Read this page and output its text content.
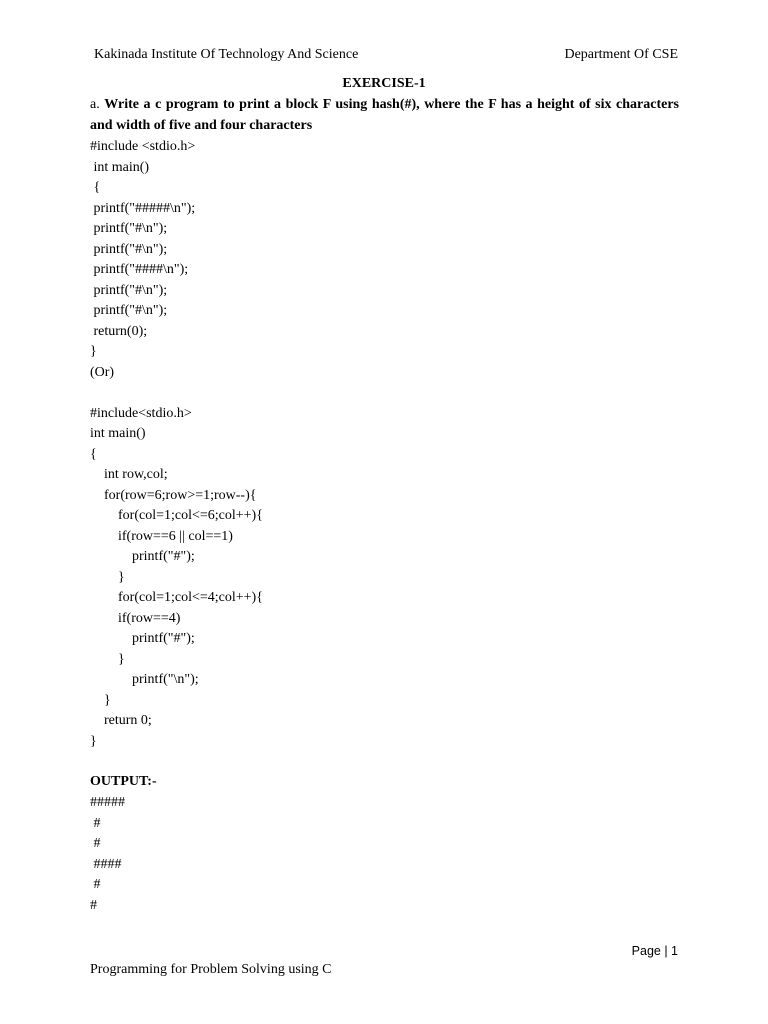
Kakinada Institute Of Technology And Science	Department Of CSE
EXERCISE-1
a. Write a c program to print a block F using hash(#), where the F has a height of six characters and width of five and four characters
#include <stdio.h>
int main()
{
printf("#####\n");
printf("#\n");
printf("#\n");
printf("####\n");
printf("#\n");
printf("#\n");
return(0);
}
(Or)
#include<stdio.h>
int main()
{
int row,col;
for(row=6;row>=1;row--){
for(col=1;col<=6;col++){
if(row==6 || col==1)
printf("#");
}
for(col=1;col<=4;col++){
if(row==4)
printf("#");
}
printf("\n");
}
return 0;
}
OUTPUT:-
#####
#
#
####
#
#
Page | 1
Programming for Problem Solving using C
